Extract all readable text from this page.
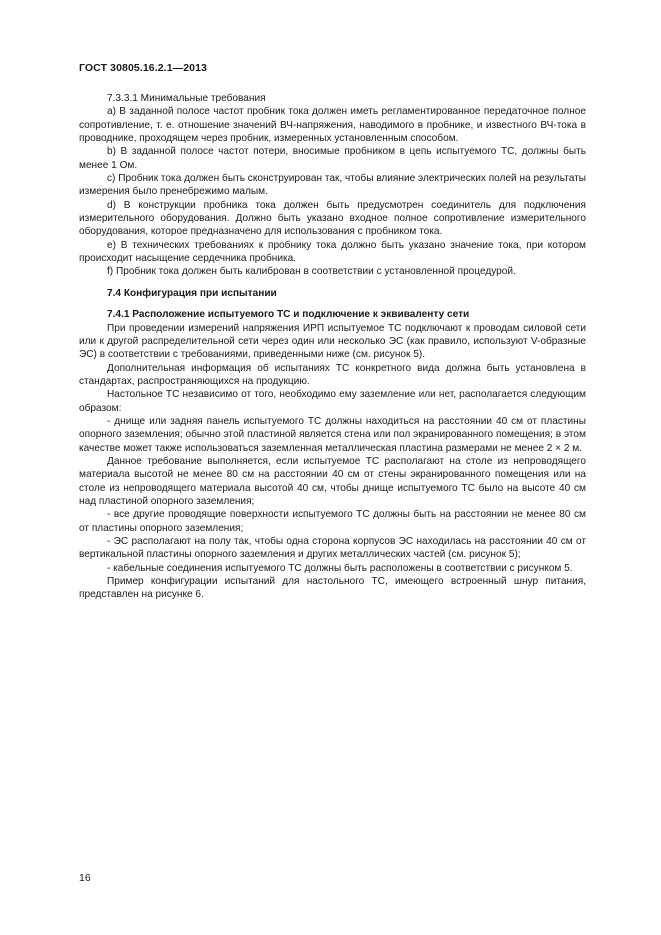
ГОСТ 30805.16.2.1—2013

7.3.3.1 Минимальные требования

а) В заданной полосе частот пробник тока должен иметь регламентированное передаточное полное сопротивление, т. е. отношение значений ВЧ-напряжения, наводимого в пробнике, и известного ВЧ-тока в проводнике, проходящем через пробник, измеренных установленным способом.

b) В заданной полосе частот потери, вносимые пробником в цепь испытуемого ТС, должны быть менее 1 Ом.

с) Пробник тока должен быть сконструирован так, чтобы влияние электрических полей на результаты измерения было пренебрежимо малым.

d) В конструкции пробника тока должен быть предусмотрен соединитель для подключения измерительного оборудования. Должно быть указано входное полное сопротивление измерительного оборудования, которое предназначено для использования с пробником тока.

е) В технических требованиях к пробнику тока должно быть указано значение тока, при котором происходит насыщение сердечника пробника.

f) Пробник тока должен быть калиброван в соответствии с установленной процедурой.

7.4 Конфигурация при испытании

7.4.1 Расположение испытуемого ТС и подключение к эквиваленту сети

При проведении измерений напряжения ИРП испытуемое ТС подключают к проводам силовой сети или к другой распределительной сети через один или несколько ЭС (как правило, используют V-образные ЭС) в соответствии с требованиями, приведенными ниже (см. рисунок 5).

Дополнительная информация об испытаниях ТС конкретного вида должна быть установлена в стандартах, распространяющихся на продукцию.

Настольное ТС независимо от того, необходимо ему заземление или нет, располагается следующим образом:

- днище или задняя панель испытуемого ТС должны находиться на расстоянии 40 см от пластины опорного заземления; обычно этой пластиной является стена или пол экранированного помещения; в этом качестве может также использоваться заземленная металлическая пластина размерами не менее 2 × 2 м.

Данное требование выполняется, если испытуемое ТС располагают на столе из непроводящего материала высотой не менее 80 см на расстоянии 40 см от стены экранированного помещения или на столе из непроводящего материала высотой 40 см, чтобы днище испытуемого ТС было на высоте 40 см над пластиной опорного заземления;

- все другие проводящие поверхности испытуемого ТС должны быть на расстоянии не менее 80 см от пластины опорного заземления;

- ЭС располагают на полу так, чтобы одна сторона корпусов ЭС находилась на расстоянии 40 см от вертикальной пластины опорного заземления и других металлических частей (см. рисунок 5);

- кабельные соединения испытуемого ТС должны быть расположены в соответствии с рисунком 5.

Пример конфигурации испытаний для настольного ТС, имеющего встроенный шнур питания, представлен на рисунке 6.

16
